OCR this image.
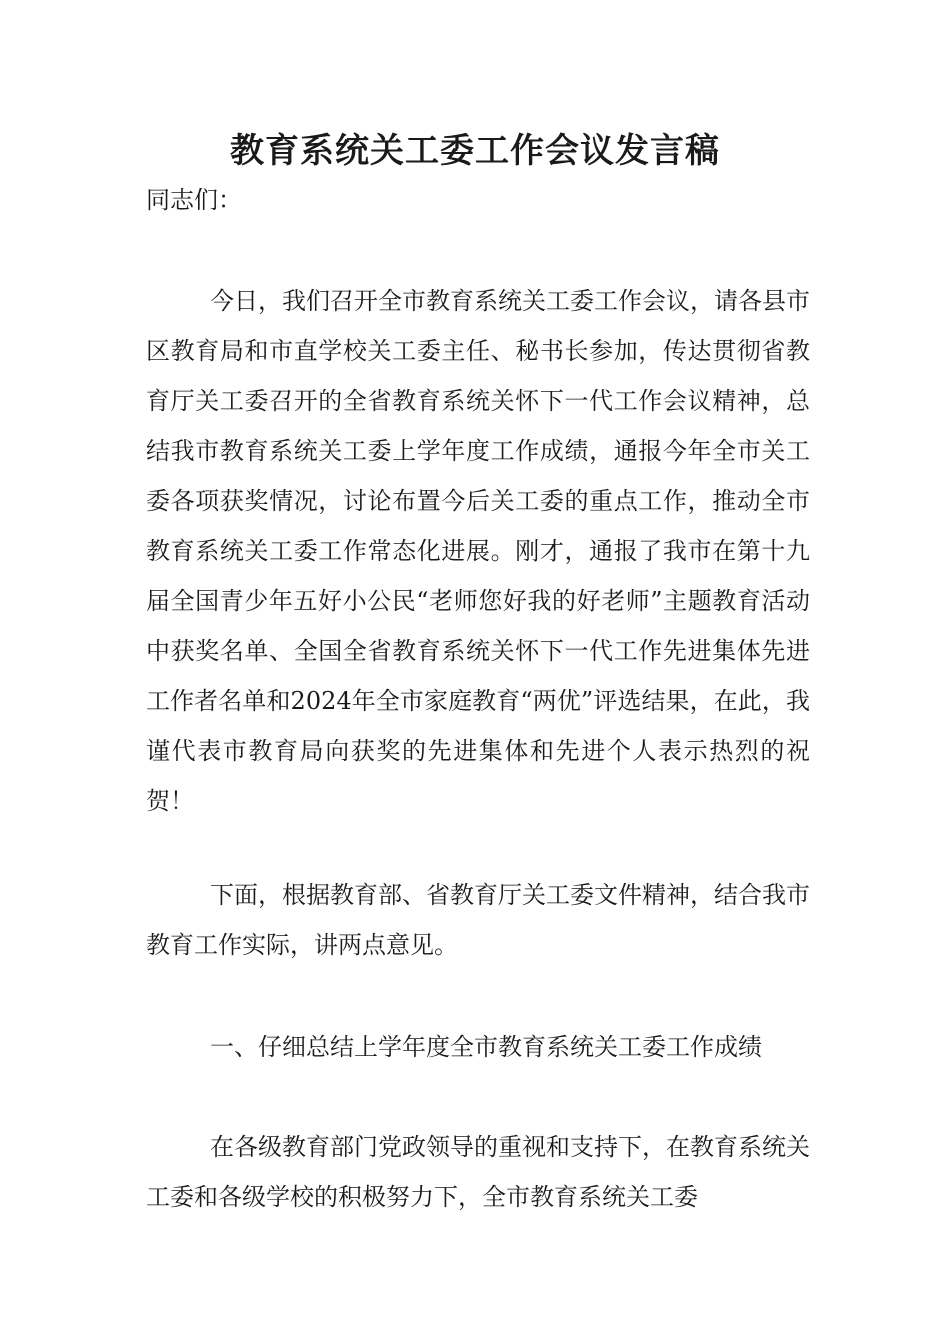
教育系统关工委工作会议发言稿

同志们：

今日，我们召开全市教育系统关工委工作会议，请各县市区教育局和市直学校关工委主任、秘书长参加，传达贯彻省教育厅关工委召开的全省教育系统关怀下一代工作会议精神，总结我市教育系统关工委上学年度工作成绩，通报今年全市关工委各项获奖情况，讨论布置今后关工委的重点工作，推动全市教育系统关工委工作常态化进展。刚才，通报了我市在第十九届全国青少年五好小公民“老师您好我的好老师”主题教育活动中获奖名单、全国全省教育系统关怀下一代工作先进集体先进工作者名单和2024年全市家庭教育“两优”评选结果，在此，我谨代表市教育局向获奖的先进集体和先进个人表示热烈的祝贺！

下面，根据教育部、省教育厅关工委文件精神，结合我市教育工作实际，讲两点意见。

一、仔细总结上学年度全市教育系统关工委工作成绩

在各级教育部门党政领导的重视和支持下，在教育系统关工委和各级学校的积极努力下，全市教育系统关工委
